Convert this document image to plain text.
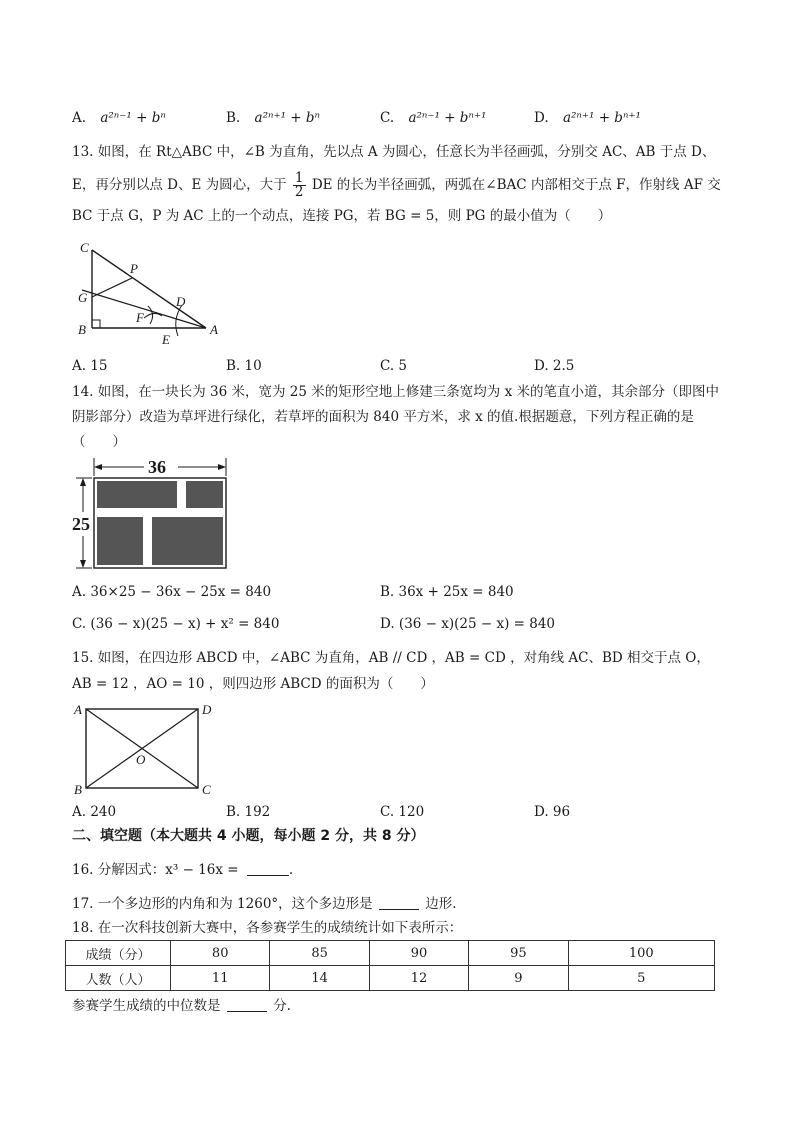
A. a²ⁿ⁻¹ + bⁿ	B. a²ⁿ⁺¹ + bⁿ	C. a²ⁿ⁻¹ + bⁿ⁺¹	D. a²ⁿ⁺¹ + bⁿ⁺¹
13. 如图，在 Rt△ABC 中，∠B 为直角，先以点 A 为圆心，任意长为半径画弧，分别交 AC、AB 于点 D、
E，再分别以点 D、E 为圆心，大于 $\frac{1}{2}$ DE 的长为半径画弧，两弧在∠BAC 内部相交于点 F，作射线 AF 交
BC 于点 G，P 为 AC 上的一个动点，连接 PG，若 BG = 5，则 PG 的最小值为（　　）
C
P
G	D
F
B
E
A
A. 15	B. 10	C. 5	D. 2.5
14. 如图，在一块长为 36 米，宽为 25 米的矩形空地上修建三条宽均为 x 米的笔直小道，其余部分（即图中
阴影部分）改造为草坪进行绿化，若草坪的面积为 840 平方米，求 x 的值.根据题意，下列方程正确的是
（　　）
36
25
A. 36×25 − 36x − 25x = 840	B. 36x + 25x = 840
C. (36 − x)(25 − x) + x² = 840	D. (36 − x)(25 − x) = 840
15. 如图，在四边形 ABCD 中，∠ABC 为直角，AB // CD ，AB = CD ，对角线 AC、BD 相交于点 O，
AB = 12 ，AO = 10 ，则四边形 ABCD 的面积为（　　）
A	D
O
B	C
A. 240	B. 192	C. 120	D. 96
二、填空题（本大题共 4 小题，每小题 2 分，共 8 分）
16. 分解因式：x³ − 16x =	.
17. 一个多边形的内角和为 1260°，这个多边形是	边形.
18. 在一次科技创新大赛中，各参赛学生的成绩统计如下表所示：
成绩（分）	80	85	90	95	100
人数（人）	11	14	12	9	5
参赛学生成绩的中位数是	分.
